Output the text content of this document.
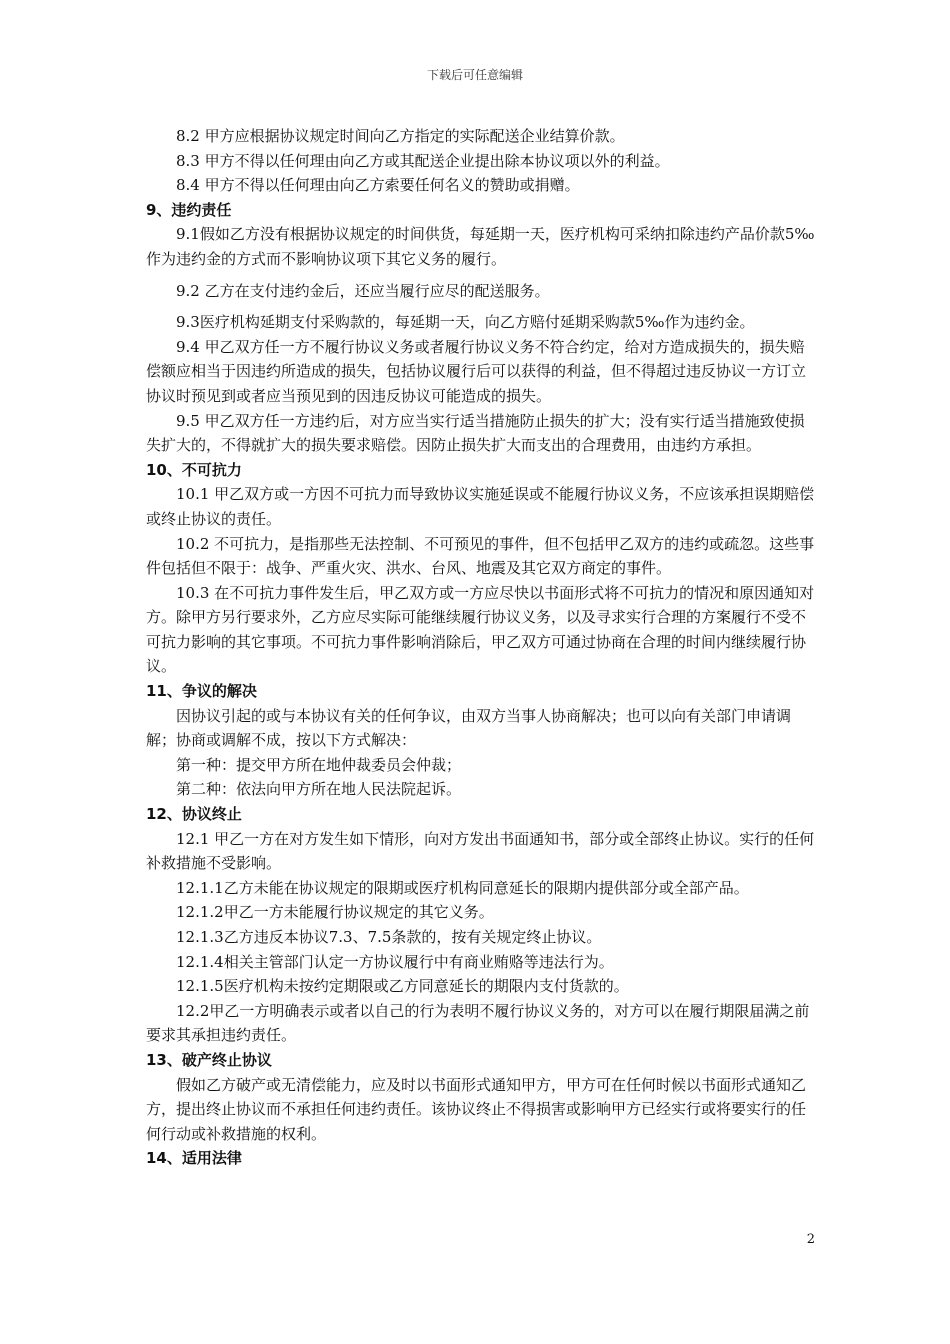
下载后可任意编辑
8.2 甲方应根据协议规定时间向乙方指定的实际配送企业结算价款。
8.3 甲方不得以任何理由向乙方或其配送企业提出除本协议项以外的利益。
8.4 甲方不得以任何理由向乙方索要任何名义的赞助或捐赠。
9、违约责任
9.1假如乙方没有根据协议规定的时间供货，每延期一天，医疗机构可采纳扣除违约产品价款5‰作为违约金的方式而不影响协议项下其它义务的履行。
9.2 乙方在支付违约金后，还应当履行应尽的配送服务。
9.3医疗机构延期支付采购款的，每延期一天，向乙方赔付延期采购款5‰作为违约金。
9.4 甲乙双方任一方不履行协议义务或者履行协议义务不符合约定，给对方造成损失的，损失赔偿额应相当于因违约所造成的损失，包括协议履行后可以获得的利益，但不得超过违反协议一方订立协议时预见到或者应当预见到的因违反协议可能造成的损失。
9.5 甲乙双方任一方违约后，对方应当实行适当措施防止损失的扩大；没有实行适当措施致使损失扩大的，不得就扩大的损失要求赔偿。因防止损失扩大而支出的合理费用，由违约方承担。
10、不可抗力
10.1 甲乙双方或一方因不可抗力而导致协议实施延误或不能履行协议义务，不应该承担误期赔偿或终止协议的责任。
10.2 不可抗力，是指那些无法控制、不可预见的事件，但不包括甲乙双方的违约或疏忽。这些事件包括但不限于：战争、严重火灾、洪水、台风、地震及其它双方商定的事件。
10.3 在不可抗力事件发生后，甲乙双方或一方应尽快以书面形式将不可抗力的情况和原因通知对方。除甲方另行要求外，乙方应尽实际可能继续履行协议义务，以及寻求实行合理的方案履行不受不可抗力影响的其它事项。不可抗力事件影响消除后，甲乙双方可通过协商在合理的时间内继续履行协议。
11、争议的解决
因协议引起的或与本协议有关的任何争议，由双方当事人协商解决；也可以向有关部门申请调解；协商或调解不成，按以下方式解决：
第一种：提交甲方所在地仲裁委员会仲裁；
第二种：依法向甲方所在地人民法院起诉。
12、协议终止
12.1 甲乙一方在对方发生如下情形，向对方发出书面通知书，部分或全部终止协议。实行的任何补救措施不受影响。
12.1.1乙方未能在协议规定的限期或医疗机构同意延长的限期内提供部分或全部产品。
12.1.2甲乙一方未能履行协议规定的其它义务。
12.1.3乙方违反本协议7.3、7.5条款的，按有关规定终止协议。
12.1.4相关主管部门认定一方协议履行中有商业贿赂等违法行为。
12.1.5医疗机构未按约定期限或乙方同意延长的期限内支付货款的。
12.2甲乙一方明确表示或者以自己的行为表明不履行协议义务的，对方可以在履行期限届满之前要求其承担违约责任。
13、破产终止协议
假如乙方破产或无清偿能力，应及时以书面形式通知甲方，甲方可在任何时候以书面形式通知乙方，提出终止协议而不承担任何违约责任。该协议终止不得损害或影响甲方已经实行或将要实行的任何行动或补救措施的权利。
14、适用法律
2
